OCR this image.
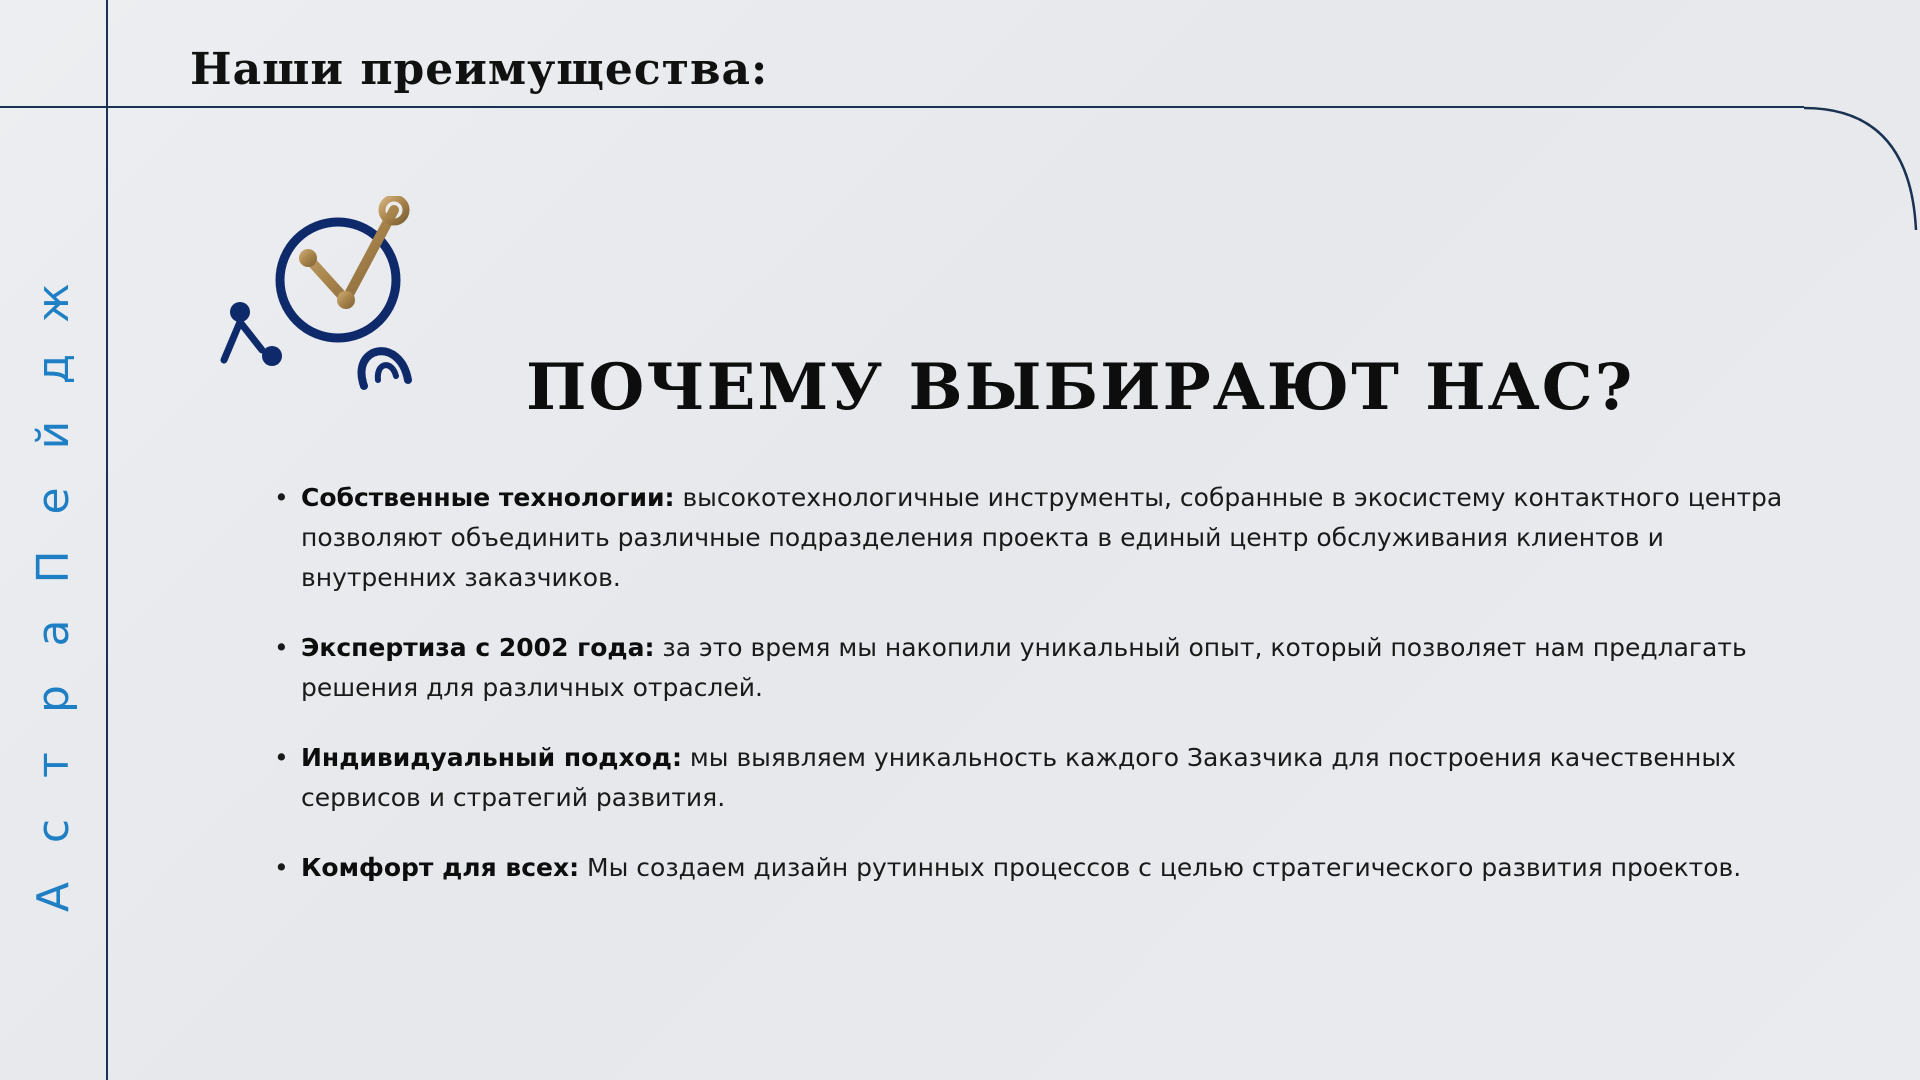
Наши преимущества:
А
с
т
р
а
П
е
й
д
ж
ПОЧЕМУ ВЫБИРАЮТ НАС?
• Собственные технологии: высокотехнологичные инструменты, собранные в экосистему контактного центра позволяют объединить различные подразделения проекта в единый центр обслуживания клиентов и внутренних заказчиков.
• Экспертиза с 2002 года: за это время мы накопили уникальный опыт, который позволяет нам предлагать решения для различных отраслей.
• Индивидуальный подход: мы выявляем уникальность каждого Заказчика для построения качественных сервисов и стратегий развития.
• Комфорт для всех: Мы создаем дизайн рутинных процессов с целью стратегического развития проектов.
